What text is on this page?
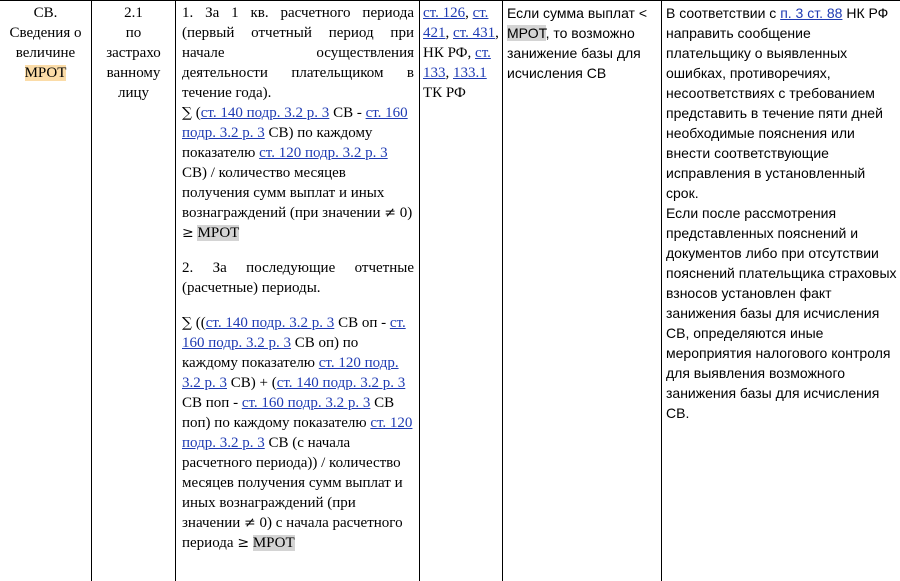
СВ.
Сведения о
величине
МРОТ
2.1
по
застрахо
ванному
лицу
1. За 1 кв. расчетного периода (первый отчетный период при начале осуществления деятельности плательщиком в течение года).
∑ (ст. 140 подр. 3.2 р. 3 СВ - ст. 160 подр. 3.2 р. 3 СВ) по каждому показателю ст. 120 подр. 3.2 р. 3 СВ) / количество месяцев получения сумм выплат и иных вознаграждений (при значении ≠ 0) ≥ МРОТ
2. За последующие отчетные (расчетные) периоды.
∑ ((ст. 140 подр. 3.2 р. 3 СВ оп - ст. 160 подр. 3.2 р. 3 СВ оп) по каждому показателю ст. 120 подр. 3.2 р. 3 СВ) + (ст. 140 подр. 3.2 р. 3 СВ поп - ст. 160 подр. 3.2 р. 3 СВ поп) по каждому показателю ст. 120 подр. 3.2 р. 3 СВ (с начала расчетного периода)) / количество месяцев получения сумм выплат и иных вознаграждений (при значении ≠ 0) с начала расчетного периода ≥ МРОТ
ст. 126, ст. 421, ст. 431, НК РФ, ст. 133, 133.1 ТК РФ
Если сумма выплат < МРОТ, то возможно занижение базы для исчисления СВ
В соответствии с п. 3 ст. 88 НК РФ направить сообщение плательщику о выявленных ошибках, противоречиях, несоответствиях с требованием представить в течение пяти дней необходимые пояснения или внести соответствующие исправления в установленный срок.
Если после рассмотрения представленных пояснений и документов либо при отсутствии пояснений плательщика страховых взносов установлен факт занижения базы для исчисления СВ, определяются иные мероприятия налогового контроля для выявления возможного занижения базы для исчисления СВ.
